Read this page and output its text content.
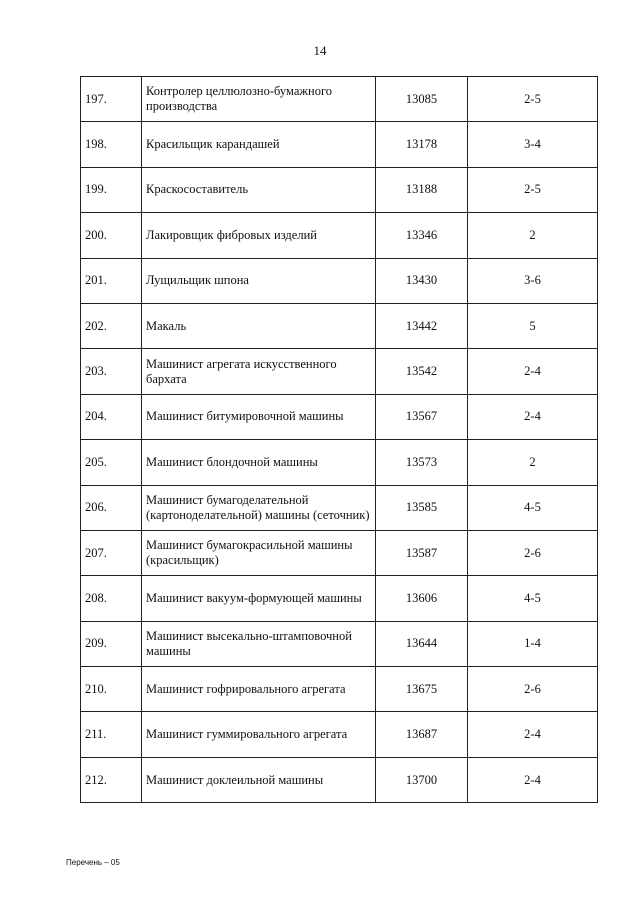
14
197.	Контролер целлюлозно-бумажного производства	13085	2-5
198.	Красильщик карандашей	13178	3-4
199.	Краскосоставитель	13188	2-5
200.	Лакировщик фибровых изделий	13346	2
201.	Лущильщик шпона	13430	3-6
202.	Макаль	13442	5
203.	Машинист агрегата искусственного бархата	13542	2-4
204.	Машинист битумировочной машины	13567	2-4
205.	Машинист блондочной машины	13573	2
206.	Машинист бумагоделательной (картоноделательной) машины (сеточник)	13585	4-5
207.	Машинист бумагокрасильной машины (красильщик)	13587	2-6
208.	Машинист вакуум-формующей машины	13606	4-5
209.	Машинист высекально-штамповочной машины	13644	1-4
210.	Машинист гофрировального агрегата	13675	2-6
211.	Машинист гуммировального агрегата	13687	2-4
212.	Машинист доклеильной машины	13700	2-4
Перечень – 05
